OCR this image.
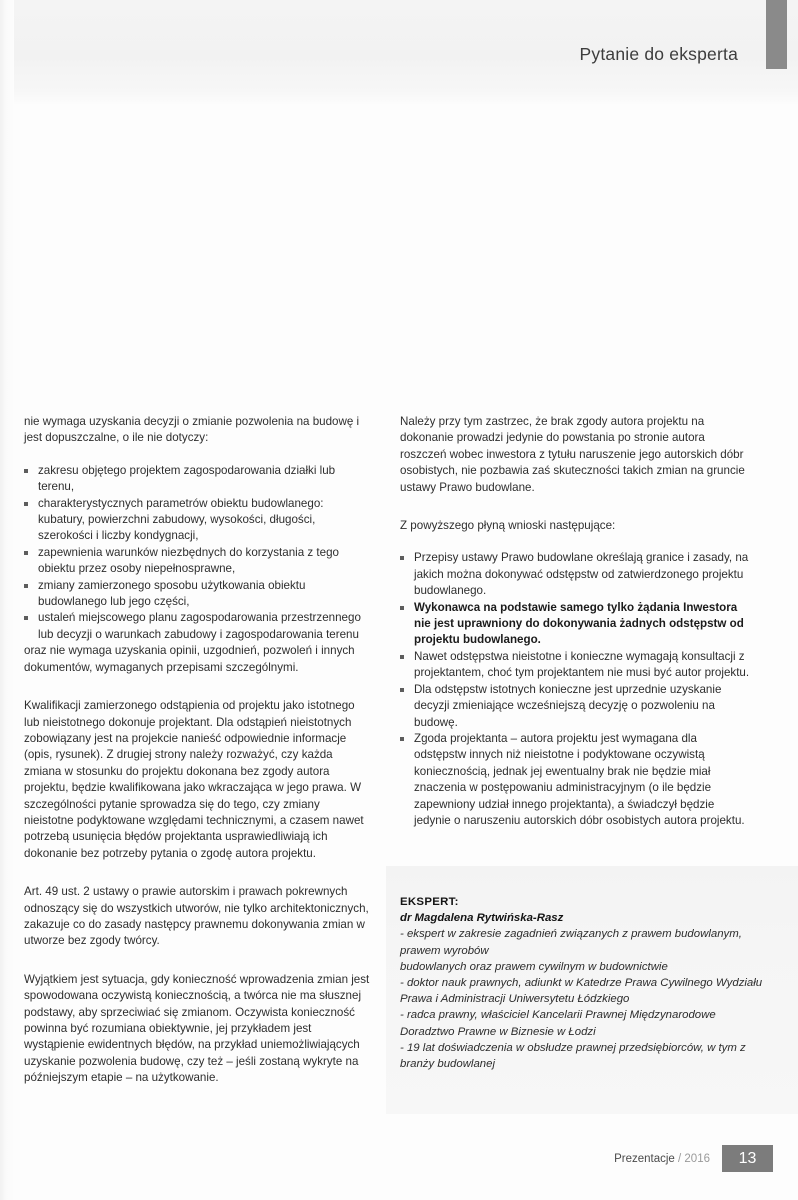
Pytanie do eksperta

nie wymaga uzyskania decyzji o zmianie pozwolenia na budowę i jest dopuszczalne, o ile nie dotyczy:

zakresu objętego projektem zagospodarowania działki lub terenu,
charakterystycznych parametrów obiektu budowlanego: kubatury, powierzchni zabudowy, wysokości, długości, szerokości i liczby kondygnacji,
zapewnienia warunków niezbędnych do korzystania z tego obiektu przez osoby niepełnosprawne,
zmiany zamierzonego sposobu użytkowania obiektu budowlanego lub jego części,
ustaleń miejscowego planu zagospodarowania przestrzennego lub decyzji o warunkach zabudowy i zagospodarowania terenu

oraz nie wymaga uzyskania opinii, uzgodnień, pozwoleń i innych dokumentów, wymaganych przepisami szczególnymi.

Kwalifikacji zamierzonego odstąpienia od projektu jako istotnego lub nieistotnego dokonuje projektant. Dla odstąpień nieistotnych zobowiązany jest na projekcie nanieść odpowiednie informacje (opis, rysunek). Z drugiej strony należy rozważyć, czy każda zmiana w stosunku do projektu dokonana bez zgody autora projektu, będzie kwalifikowana jako wkraczająca w jego prawa. W szczególności pytanie sprowadza się do tego, czy zmiany nieistotne podyktowane względami technicznymi, a czasem nawet potrzebą usunięcia błędów projektanta usprawiedliwiają ich dokonanie bez potrzeby pytania o zgodę autora projektu.

Art. 49 ust. 2 ustawy o prawie autorskim i prawach pokrewnych odnoszący się do wszystkich utworów, nie tylko architektonicznych, zakazuje co do zasady następcy prawnemu dokonywania zmian w utworze bez zgody twórcy.

Wyjątkiem jest sytuacja, gdy konieczność wprowadzenia zmian jest spowodowana oczywistą koniecznością, a twórca nie ma słusznej podstawy, aby sprzeciwiać się zmianom. Oczywista konieczność powinna być rozumiana obiektywnie, jej przykładem jest wystąpienie ewidentnych błędów, na przykład uniemożliwiających uzyskanie pozwolenia budowę, czy też – jeśli zostaną wykryte na późniejszym etapie – na użytkowanie.

Należy przy tym zastrzec, że brak zgody autora projektu na dokonanie prowadzi jedynie do powstania po stronie autora roszczeń wobec inwestora z tytułu naruszenie jego autorskich dóbr osobistych, nie pozbawia zaś skuteczności takich zmian na gruncie ustawy Prawo budowlane.

Z powyższego płyną wnioski następujące:

Przepisy ustawy Prawo budowlane określają granice i zasady, na jakich można dokonywać odstępstw od zatwierdzonego projektu budowlanego.
Wykonawca na podstawie samego tylko żądania Inwestora nie jest uprawniony do dokonywania żadnych odstępstw od projektu budowlanego.
Nawet odstępstwa nieistotne i konieczne wymagają konsultacji z projektantem, choć tym projektantem nie musi być autor projektu.
Dla odstępstw istotnych konieczne jest uprzednie uzyskanie decyzji zmieniające wcześniejszą decyzję o pozwoleniu na budowę.
Zgoda projektanta – autora projektu jest wymagana dla odstępstw innych niż nieistotne i podyktowane oczywistą koniecznością, jednak jej ewentualny brak nie będzie miał znaczenia w postępowaniu administracyjnym (o ile będzie zapewniony udział innego projektanta), a świadczył będzie jedynie o naruszeniu autorskich dóbr osobistych autora projektu.
EKSPERT:
dr Magdalena Rytwińska-Rasz
- ekspert w zakresie zagadnień związanych z prawem budowlanym, prawem wyrobów
budowlanych oraz prawem cywilnym w budownictwie
- doktor nauk prawnych, adiunkt w Katedrze Prawa Cywilnego Wydziału Prawa i Administracji Uniwersytetu Łódzkiego
- radca prawny, właściciel Kancelarii Prawnej Międzynarodowe Doradztwo Prawne w Biznesie w Łodzi
- 19 lat doświadczenia w obsłudze prawnej przedsiębiorców, w tym z branży budowlanej
Prezentacje / 2016	13
